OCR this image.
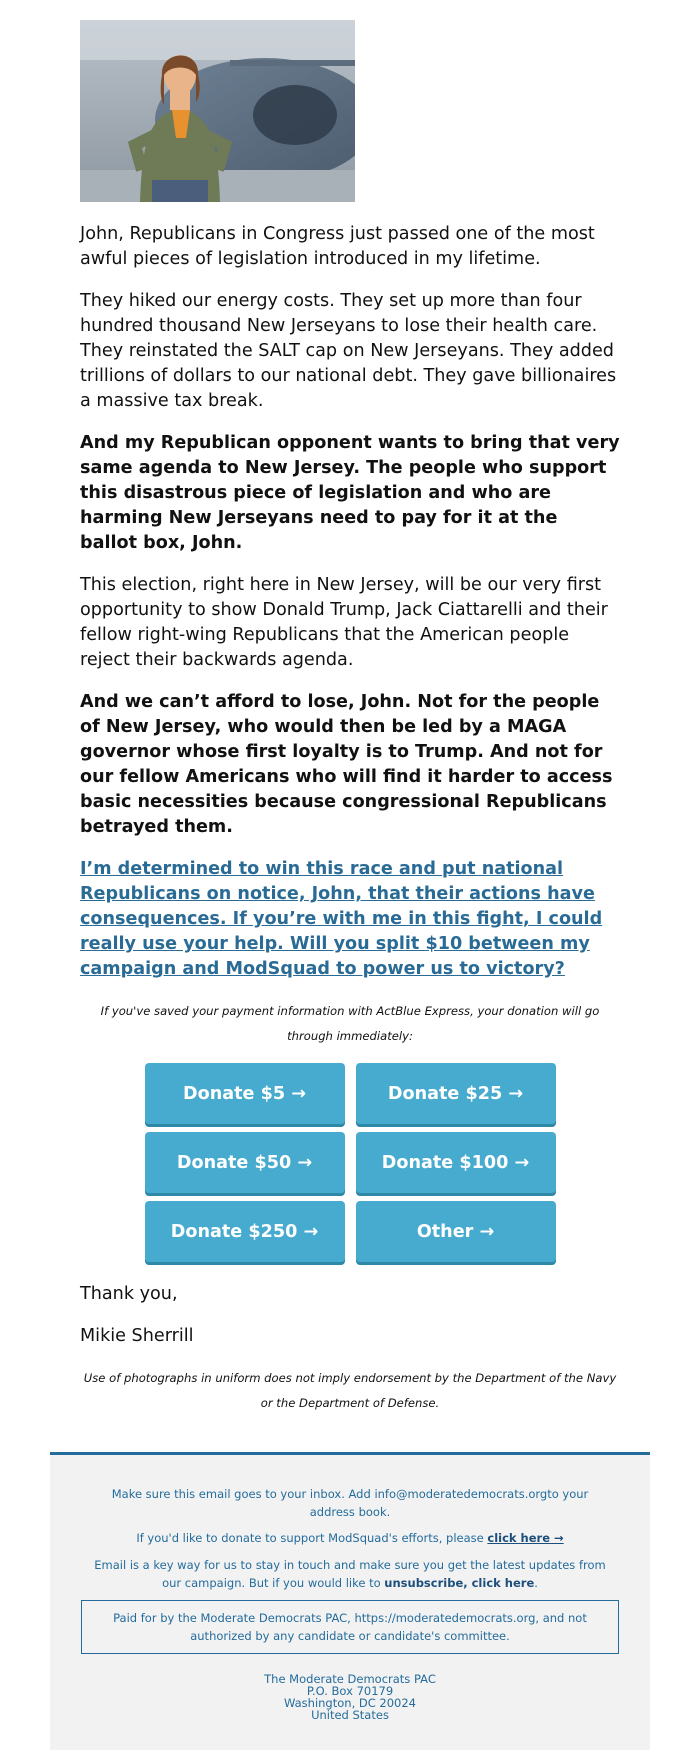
John, Republicans in Congress just passed one of the most awful pieces of legislation introduced in my lifetime.

They hiked our energy costs. They set up more than four hundred thousand New Jerseyans to lose their health care. They reinstated the SALT cap on New Jerseyans. They added trillions of dollars to our national debt. They gave billionaires a massive tax break.

And my Republican opponent wants to bring that very same agenda to New Jersey. The people who support this disastrous piece of legislation and who are harming New Jerseyans need to pay for it at the ballot box, John.

This election, right here in New Jersey, will be our very first opportunity to show Donald Trump, Jack Ciattarelli and their fellow right-wing Republicans that the American people reject their backwards agenda.

And we can’t afford to lose, John. Not for the people of New Jersey, who would then be led by a MAGA governor whose first loyalty is to Trump. And not for our fellow Americans who will find it harder to access basic necessities because congressional Republicans betrayed them.

I’m determined to win this race and put national Republicans on notice, John, that their actions have consequences. If you’re with me in this fight, I could really use your help. Will you split $10 between my campaign and ModSquad to power us to victory?

If you've saved your payment information with ActBlue Express, your donation will go through immediately:

Donate $5 →	Donate $25 →
Donate $50 →	Donate $100 →
Donate $250 →	Other →

Thank you,

Mikie Sherrill

Use of photographs in uniform does not imply endorsement by the Department of the Navy or the Department of Defense.

Make sure this email goes to your inbox. Add info@moderatedemocrats.orgto your address book.

If you'd like to donate to support ModSquad's efforts, please click here →

Email is a key way for us to stay in touch and make sure you get the latest updates from our campaign. But if you would like to unsubscribe, click here.

Paid for by the Moderate Democrats PAC, https://moderatedemocrats.org, and not authorized by any candidate or candidate's committee.
The Moderate Democrats PAC
P.O. Box 70179
Washington, DC 20024
United States
